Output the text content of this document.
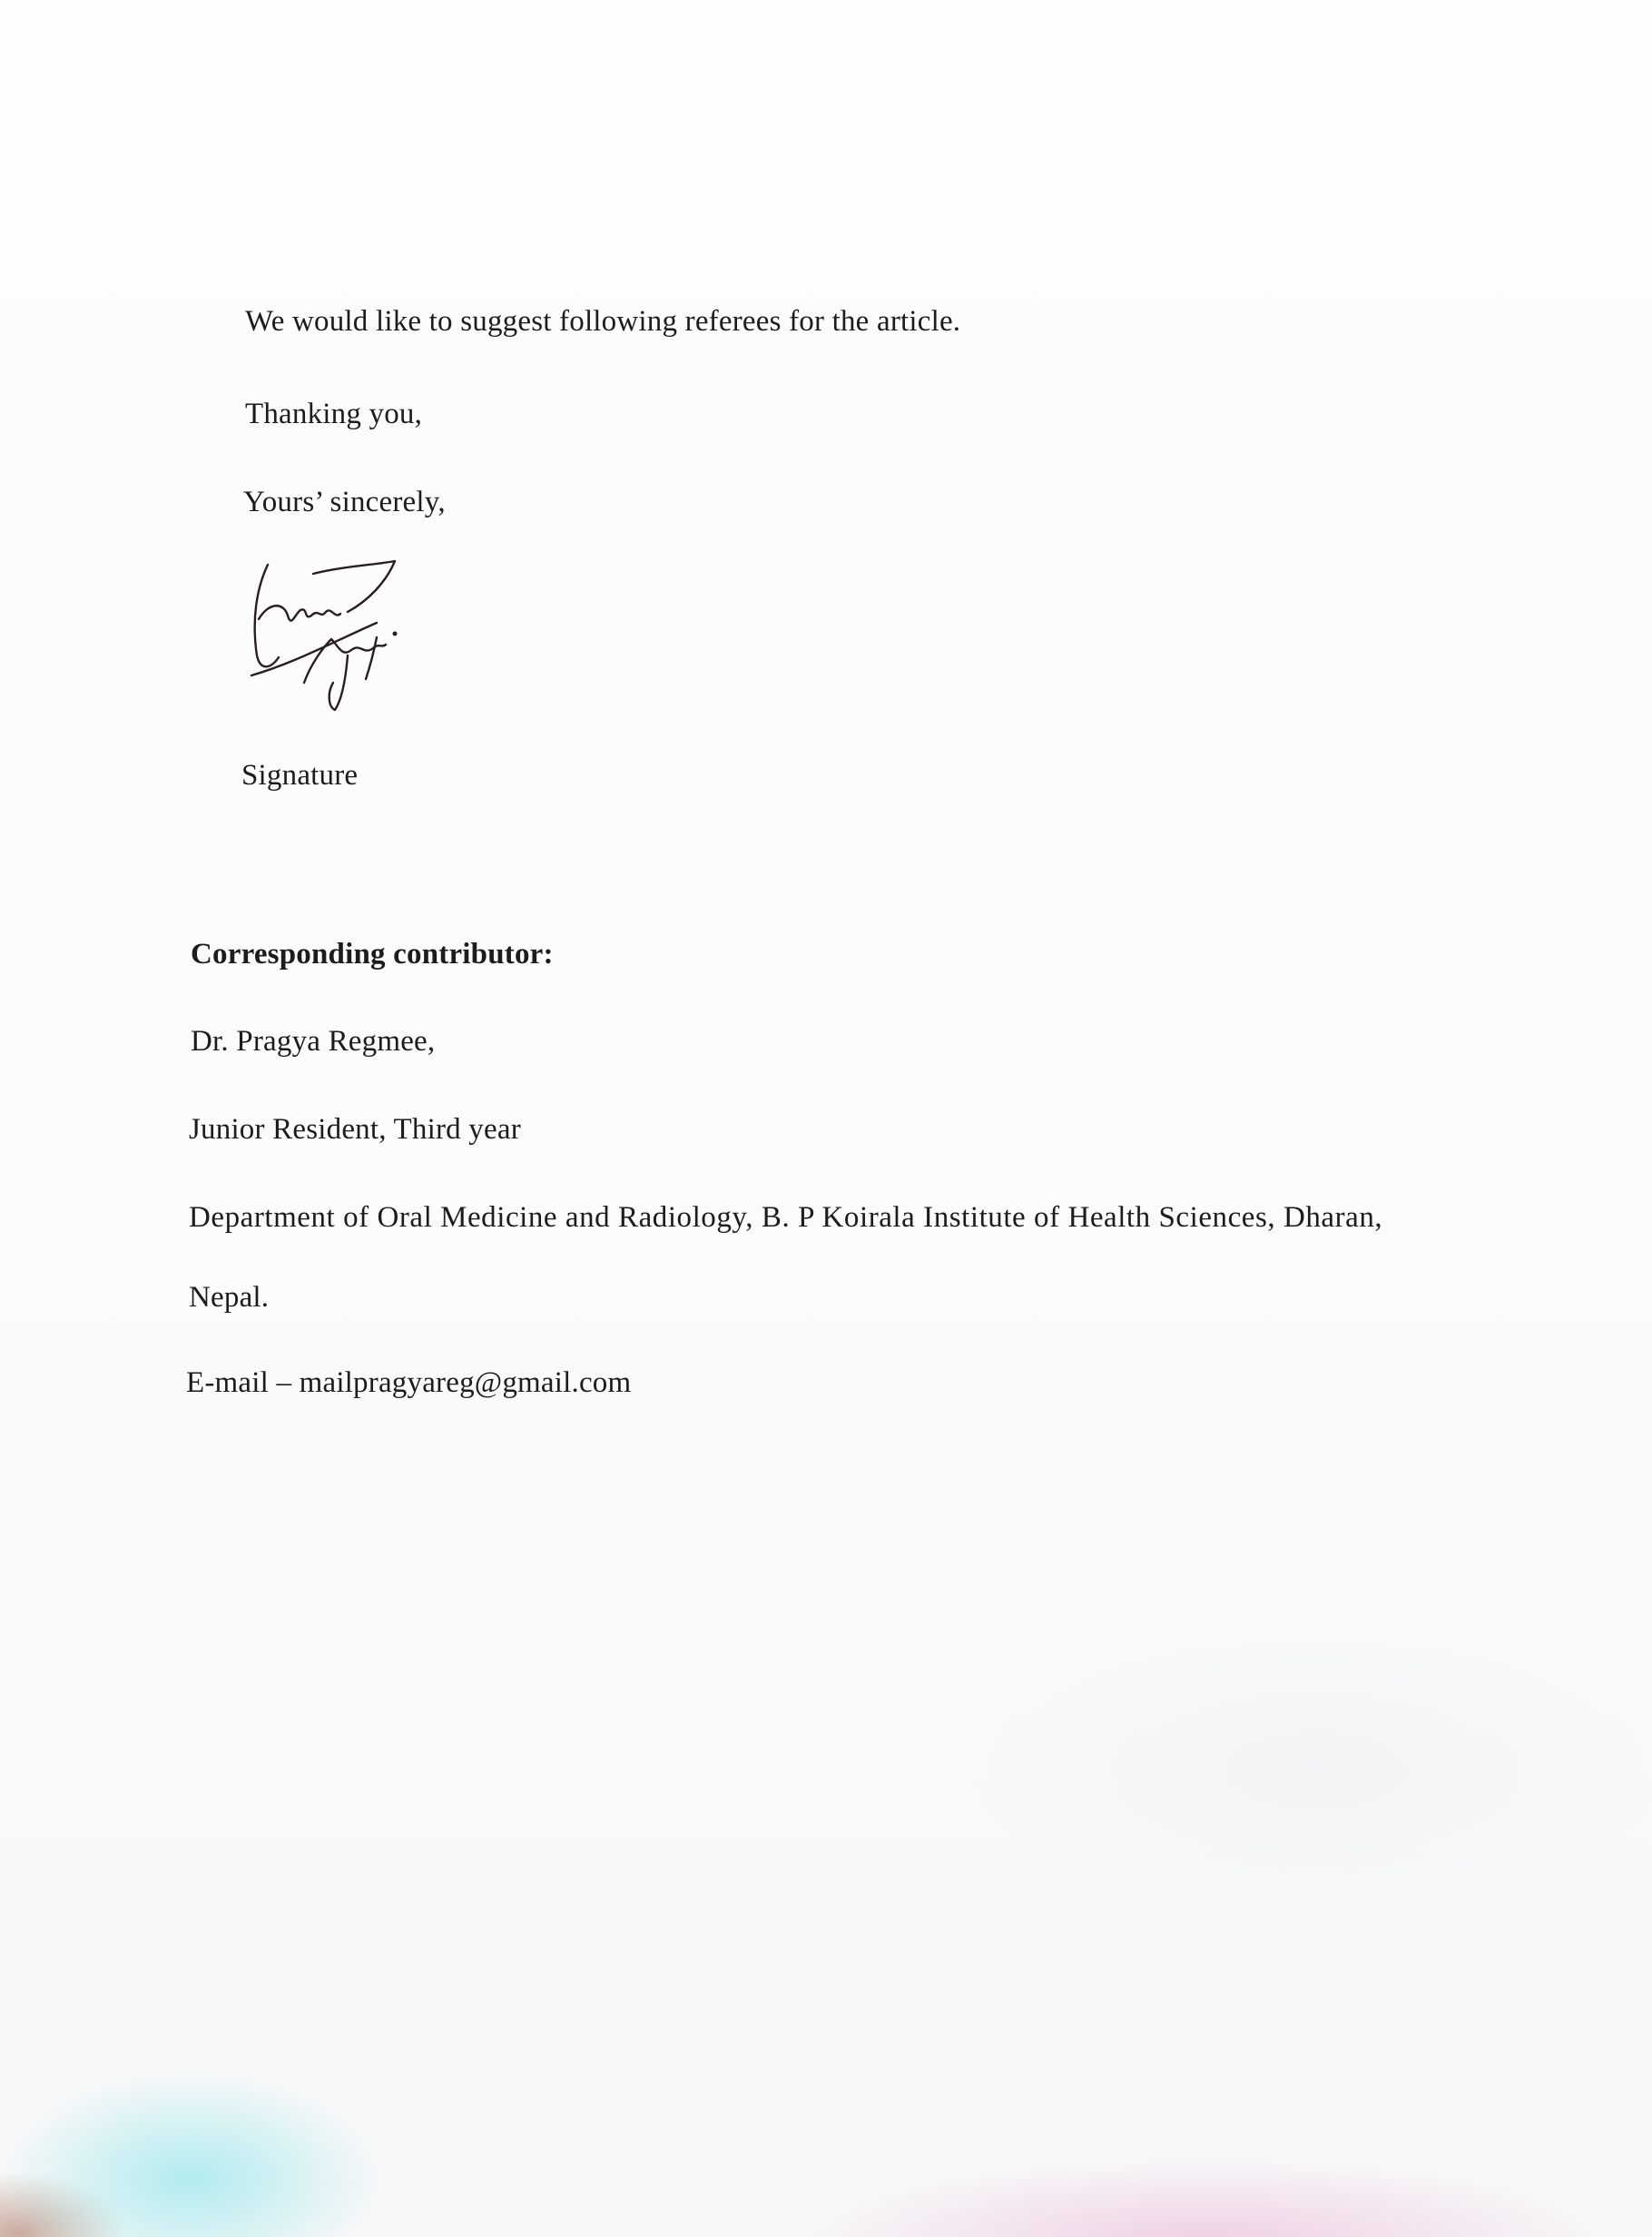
We would like to suggest following referees for the article.
Thanking you,
Yours’ sincerely,
Signature
Corresponding contributor:
Dr. Pragya Regmee,
Junior Resident, Third year
Department of Oral Medicine and Radiology, B. P Koirala Institute of Health Sciences, Dharan,
Nepal.
E-mail – mailpragyareg@gmail.com
